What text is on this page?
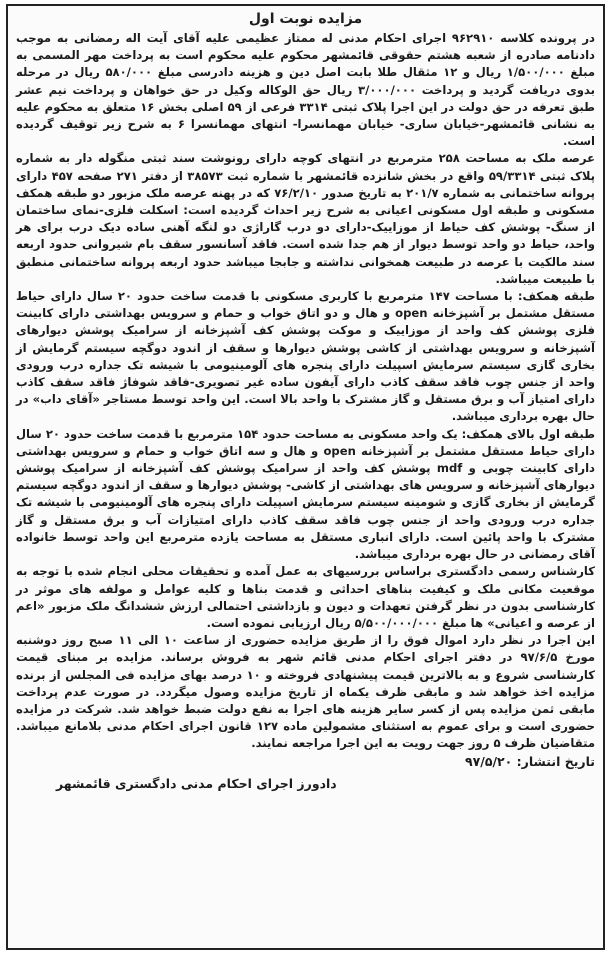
مزایده نوبت اول

در پرونده کلاسه ۹۶۲۹۱۰ اجرای احکام مدنی له ممتاز عظیمی علیه آقای آیت اله رمضانی به موجب دادنامه صادره از شعبه هشتم حقوقی قائمشهر محکوم علیه محکوم است به پرداخت مهر المسمی به مبلغ ۱/۵۰۰/۰۰۰ ریال و ۱۲ مثقال طلا بابت اصل دین و هزینه دادرسی مبلغ ۵۸۰/۰۰۰ ریال در مرحله بدوی دریافت گردید و پرداخت ۳/۰۰۰/۰۰۰ ریال حق الوکاله وکیل در حق خواهان و پرداخت نیم عشر طبق تعرفه در حق دولت در این اجرا پلاک ثبتی ۳۳۱۴ فرعی از ۵۹ اصلی بخش ۱۶ متعلق به محکوم علیه به نشانی قائمشهر-خیابان ساری- خیابان مهمانسرا- انتهای مهمانسرا ۶ به شرح زیر توقیف گردیده است.

عرصه ملک به مساحت ۲۵۸ مترمربع در انتهای کوچه دارای رونوشت سند ثبتی منگوله دار به شماره پلاک ثبتی ۵۹/۳۳۱۴ واقع در بخش شانزده قائمشهر با شماره ثبت ۳۸۵۷۳ از دفتر ۲۷۱ صفحه ۴۵۷ دارای پروانه ساختمانی به شماره ۲۰۱/۷ به تاریخ صدور ۷۶/۲/۱۰ که در پهنه عرصه ملک مزبور دو طبقه همکف مسکونی و طبقه اول مسکونی اعیانی به شرح زیر احداث گردیده است: اسکلت فلزی-نمای ساختمان از سنگ- پوشش کف حیاط از موزاییک-دارای دو درب گاراژی دو لنگه آهنی ساده دیک درب برای هر واحد، حیاط دو واحد توسط دیوار از هم جدا شده است. فاقد آسانسور سقف بام شیروانی حدود اربعه سند مالکیت با عرصه در طبیعت همخوانی نداشته و جابجا میباشد حدود اربعه پروانه ساختمانی منطبق با طبیعت میباشد.

طبقه همکف: با مساحت ۱۴۷ مترمربع با کاربری مسکونی با قدمت ساخت حدود ۲۰ سال دارای حیاط مستقل مشتمل بر آشپزخانه open و هال و دو اتاق خواب و حمام و سرویس بهداشتی دارای کابینت فلزی پوشش کف واحد از موزاییک و موکت پوشش کف آشپزخانه از سرامیک پوشش دیوارهای آشپزخانه و سرویس بهداشتی از کاشی پوشش دیوارها و سقف از اندود دوگچه سیستم گرمایش از بخاری گازی سیستم سرمایش اسپیلت دارای پنجره های آلومینیومی با شیشه تک جداره درب ورودی واحد از جنس چوب فاقد سقف کاذب دارای آیفون ساده غیر تصویری-فاقد شوفاژ فاقد سقف کاذب دارای امتیاز آب و برق مستقل و گاز مشترک با واحد بالا است. این واحد توسط مستاجر «آقای داب» در حال بهره برداری میباشد.

طبقه اول بالای همکف: یک واحد مسکونی به مساحت حدود ۱۵۴ مترمربع با قدمت ساخت حدود ۲۰ سال دارای حیاط مستقل مشتمل بر آشپزخانه open و هال و سه اتاق خواب و حمام و سرویس بهداشتی دارای کابینت چوبی و mdf پوشش کف واحد از سرامیک پوشش کف آشپزخانه از سرامیک پوشش دیوارهای آشپزخانه و سرویس های بهداشتی از کاشی- پوشش دیوارها و سقف از اندود دوگچه سیستم گرمایش از بخاری گازی و شومینه سیستم سرمایش اسپیلت دارای پنجره های آلومینیومی با شیشه تک جداره درب ورودی واحد از جنس چوب فاقد سقف کاذب دارای امتیازات آب و برق مستقل و گاز مشترک با واحد پائین است. دارای انباری مستقل به مساحت یازده مترمربع این واحد توسط خانواده آقای رمضانی در حال بهره برداری میباشد.

کارشناس رسمی دادگستری براساس بررسیهای به عمل آمده و تحقیقات محلی انجام شده با توجه به موقعیت مکانی ملک و کیفیت بناهای احداثی و قدمت بناها و کلیه عوامل و مولفه های موثر در کارشناسی بدون در نظر گرفتن تعهدات و دیون و بازداشتی احتمالی ارزش ششدانگ ملک مزبور «اعم از عرصه و اعیانی» ها مبلغ ۵/۵۰۰/۰۰۰/۰۰۰ ریال ارزیابی نموده است.

این اجرا در نظر دارد اموال فوق را از طریق مزایده حضوری از ساعت ۱۰ الی ۱۱ صبح روز دوشنبه مورخ ۹۷/۶/۵ در دفتر اجرای احکام مدنی قائم شهر به فروش برساند. مزایده بر مبنای قیمت کارشناسی شروع و به بالاترین قیمت پیشنهادی فروخته و ۱۰ درصد بهای مزایده فی المجلس از برنده مزایده اخذ خواهد شد و مابقی ظرف یکماه از تاریخ مزایده وصول میگردد. در صورت عدم پرداخت مابقی ثمن مزایده پس از کسر سایر هزینه های اجرا به نفع دولت ضبط خواهد شد. شرکت در مزایده حضوری است و برای عموم به استثنای مشمولین ماده ۱۲۷ قانون اجرای احکام مدنی بلامانع میباشد. متقاضیان ظرف ۵ روز جهت رویت به این اجرا مراجعه نمایند.

تاریخ انتشار: ۹۷/۵/۲۰
دادورز اجرای احکام مدنی دادگستری قائمشهر
